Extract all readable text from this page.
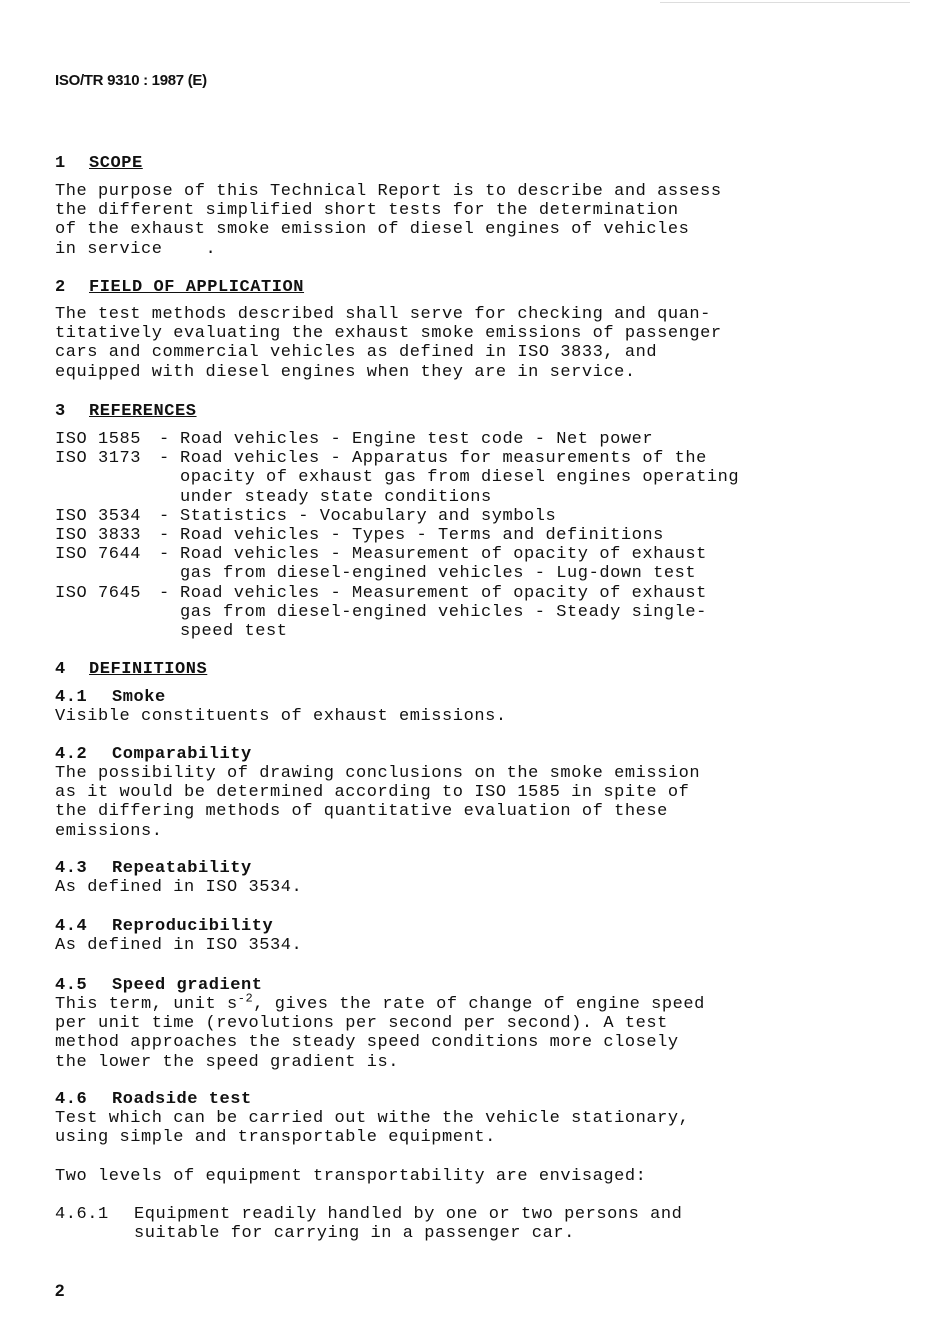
ISO/TR 9310 : 1987 (E)
1 SCOPE
The purpose of this Technical Report is to describe and assess
the different simplified short tests for the determination
of the exhaust smoke emission of diesel engines of vehicles
in service    .
2 FIELD OF APPLICATION
The test methods described shall serve for checking and quan-
titatively evaluating the exhaust smoke emissions of passenger
cars and commercial vehicles as defined in ISO 3833, and
equipped with diesel engines when they are in service.
3 REFERENCES
ISO 1585	-	Road vehicles - Engine test code - Net power
ISO 3173	-	Road vehicles - Apparatus for measurements of the
opacity of exhaust gas from diesel engines operating
under steady state conditions
ISO 3534	-	Statistics - Vocabulary and symbols
ISO 3833	-	Road vehicles - Types - Terms and definitions
ISO 7644	-	Road vehicles - Measurement of opacity of exhaust
gas from diesel-engined vehicles - Lug-down test
ISO 7645	-	Road vehicles - Measurement of opacity of exhaust
gas from diesel-engined vehicles - Steady single-
speed test
4 DEFINITIONS
4.1 Smoke
Visible constituents of exhaust emissions.
4.2 Comparability
The possibility of drawing conclusions on the smoke emission
as it would be determined according to ISO 1585 in spite of
the differing methods of quantitative evaluation of these
emissions.
4.3 Repeatability
As defined in ISO 3534.
4.4 Reproducibility
As defined in ISO 3534.
4.5 Speed gradient
This term, unit $s^{-2}$, gives the rate of change of engine speed
per unit time (revolutions per second per second). A test
method approaches the steady speed conditions more closely
the lower the speed gradient is.
4.6 Roadside test
Test which can be carried out withe the vehicle stationary,
using simple and transportable equipment.
Two levels of equipment transportability are envisaged:
4.6.1 Equipment readily handled by one or two persons and
suitable for carrying in a passenger car.
2
